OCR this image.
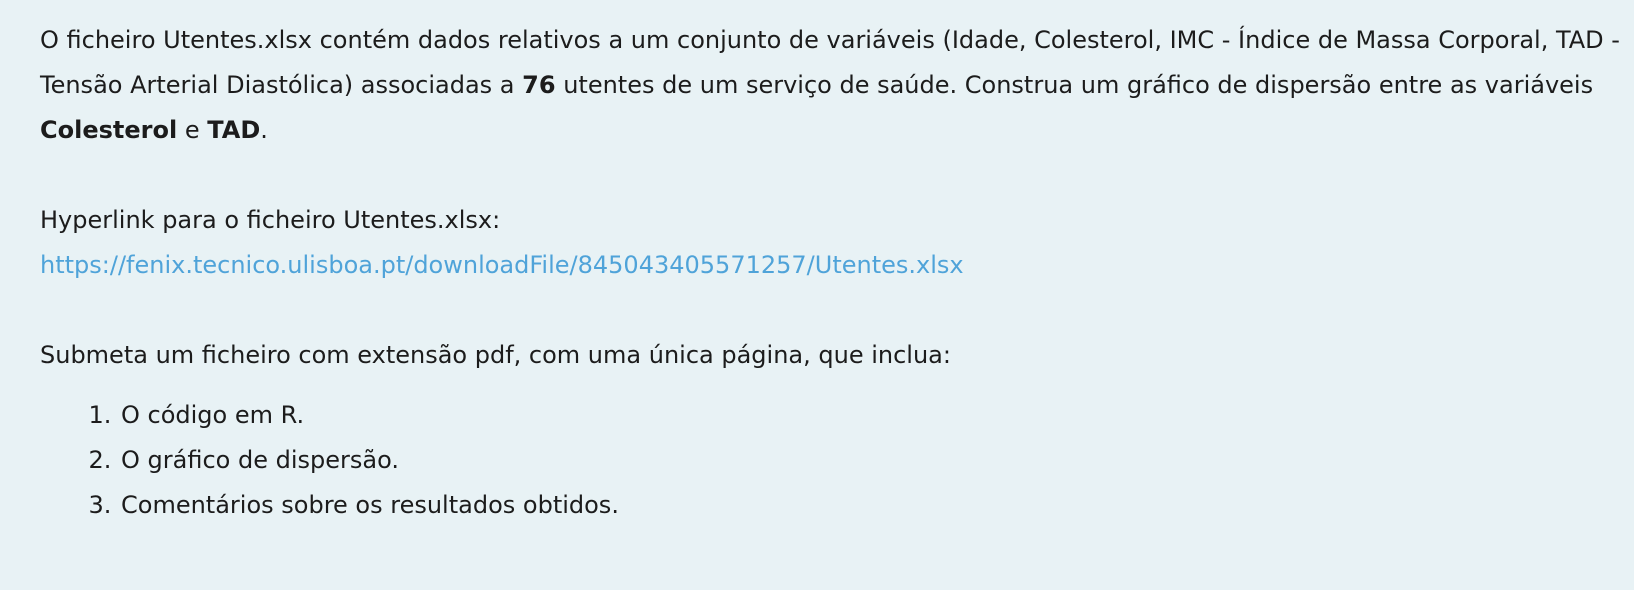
O ficheiro Utentes.xlsx contém dados relativos a um conjunto de variáveis (Idade, Colesterol, IMC - Índice de Massa Corporal, TAD - Tensão Arterial Diastólica) associadas a 76 utentes de um serviço de saúde. Construa um gráfico de dispersão entre as variáveis Colesterol e TAD.

Hyperlink para o ficheiro Utentes.xlsx:

https://fenix.tecnico.ulisboa.pt/downloadFile/845043405571257/Utentes.xlsx

Submeta um ficheiro com extensão pdf, com uma única página, que inclua:

1. O código em R.
2. O gráfico de dispersão.
3. Comentários sobre os resultados obtidos.
